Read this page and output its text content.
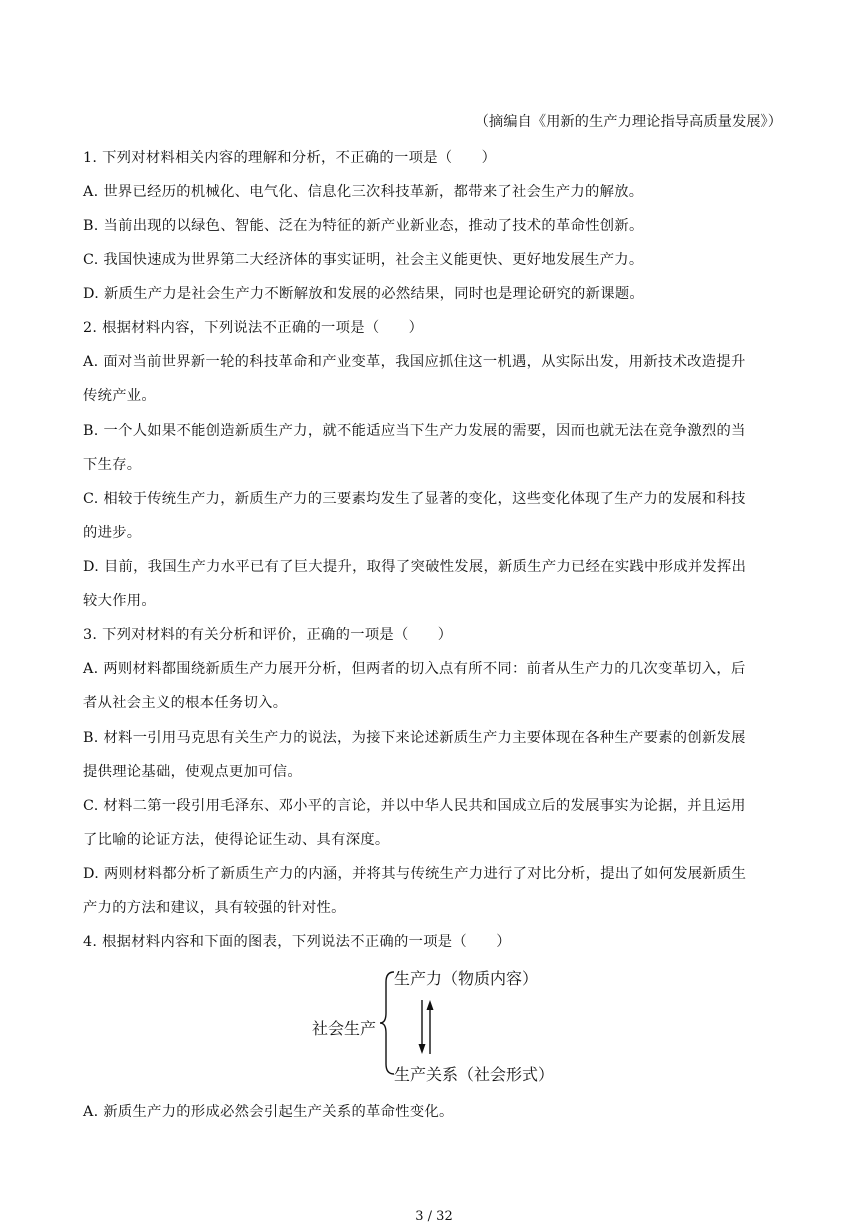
（摘编自《用新的生产力理论指导高质量发展》）
1. 下列对材料相关内容的理解和分析，不正确的一项是（　　）
A. 世界已经历的机械化、电气化、信息化三次科技革新，都带来了社会生产力的解放。
B. 当前出现的以绿色、智能、泛在为特征的新产业新业态，推动了技术的革命性创新。
C. 我国快速成为世界第二大经济体的事实证明，社会主义能更快、更好地发展生产力。
D. 新质生产力是社会生产力不断解放和发展的必然结果，同时也是理论研究的新课题。
2. 根据材料内容，下列说法不正确的一项是（　　）
A. 面对当前世界新一轮的科技革命和产业变革，我国应抓住这一机遇，从实际出发，用新技术改造提升
传统产业。
B. 一个人如果不能创造新质生产力，就不能适应当下生产力发展的需要，因而也就无法在竞争激烈的当
下生存。
C. 相较于传统生产力，新质生产力的三要素均发生了显著的变化，这些变化体现了生产力的发展和科技
的进步。
D. 目前，我国生产力水平已有了巨大提升，取得了突破性发展，新质生产力已经在实践中形成并发挥出
较大作用。
3. 下列对材料的有关分析和评价，正确的一项是（　　）
A. 两则材料都围绕新质生产力展开分析，但两者的切入点有所不同：前者从生产力的几次变革切入，后
者从社会主义的根本任务切入。
B. 材料一引用马克思有关生产力的说法，为接下来论述新质生产力主要体现在各种生产要素的创新发展
提供理论基础，使观点更加可信。
C. 材料二第一段引用毛泽东、邓小平的言论，并以中华人民共和国成立后的发展事实为论据，并且运用
了比喻的论证方法，使得论证生动、具有深度。
D. 两则材料都分析了新质生产力的内涵，并将其与传统生产力进行了对比分析，提出了如何发展新质生
产力的方法和建议，具有较强的针对性。
4. 根据材料内容和下面的图表，下列说法不正确的一项是（　　）
社会生产
生产力（物质内容）
生产关系（社会形式）
A. 新质生产力的形成必然会引起生产关系的革命性变化。
3 / 32
